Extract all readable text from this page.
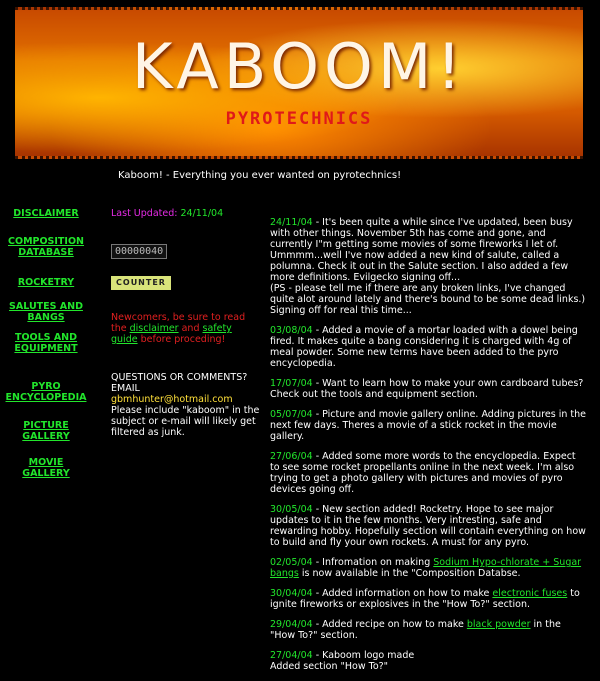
KABOOM!
PYROTECHNICS
Kaboom! - Everything you ever wanted on pyrotechnics!
DISCLAIMER
COMPOSITION DATABASE
ROCKETRY
SALUTES AND BANGS
TOOLS AND EQUIPMENT
PYRO ENCYCLOPEDIA
PICTURE GALLERY
MOVIE GALLERY
Last Updated: 24/11/04
00000040
COUNTER
Newcomers, be sure to read the disclaimer and safety guide before proceding!
QUESTIONS OR COMMENTS? EMAIL
gbmhunter@hotmail.com
Please include "kaboom" in the subject or e-mail will likely get filtered as junk.
24/11/04 - It's been quite a while since I've updated, been busy with other things. November 5th has come and gone, and currently I"m getting some movies of some fireworks I let of. Ummmm...well I've now added a new kind of salute, called a polumna. Check it out in the Salute section. I also added a few more definitions. Evilgecko signing off...
(PS - please tell me if there are any broken links, I've changed quite alot around lately and there's bound to be some dead links.) Signing off for real this time...
03/08/04 - Added a movie of a mortar loaded with a dowel being fired. It makes quite a bang considering it is charged with 4g of meal powder. Some new terms have been added to the pyro encyclopedia.
17/07/04 - Want to learn how to make your own cardboard tubes? Check out the tools and equipment section.
05/07/04 - Picture and movie gallery online. Adding pictures in the next few days. Theres a movie of a stick rocket in the movie gallery.
27/06/04 - Added some more words to the encyclopedia. Expect to see some rocket propellants online in the next week. I'm also trying to get a photo gallery with pictures and movies of pyro devices going off.
30/05/04 - New section added! Rocketry. Hope to see major updates to it in the few months. Very intresting, safe and rewarding hobby. Hopefully section will contain everything on how to build and fly your own rockets. A must for any pyro.
02/05/04 - Infromation on making Sodium Hypo-chlorate + Sugar bangs is now available in the "Composition Databse.
30/04/04 - Added information on how to make electronic fuses to ignite fireworks or explosives in the "How To?" section.
29/04/04 - Added recipe on how to make black powder in the "How To?" section.
27/04/04 - Kaboom logo made
Added section "How To?"
